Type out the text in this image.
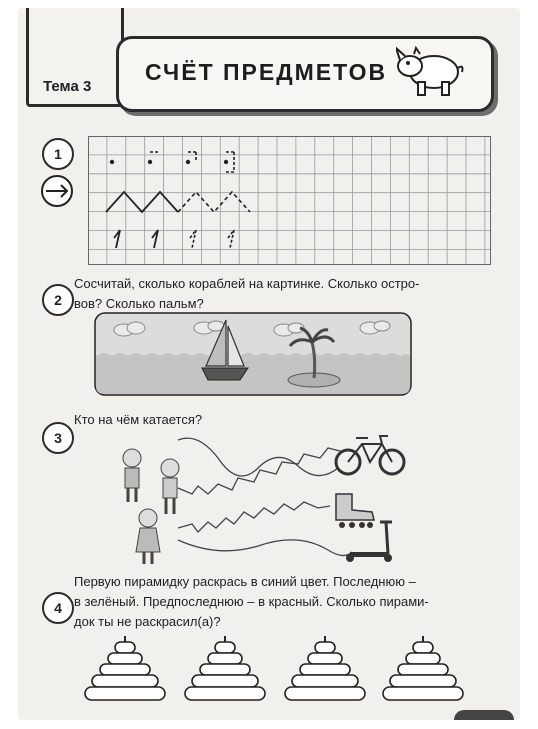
Тема 3
СЧЁТ ПРЕДМЕТОВ
1
2
Сосчитай, сколько кораблей на картинке. Сколько остро-
вов? Сколько пальм?
3
Кто на чём катается?
4
Первую пирамидку раскрась в синий цвет. Последнюю –
в зелёный. Предпоследнюю – в красный. Сколько пирами-
док ты не раскрасил(а)?
